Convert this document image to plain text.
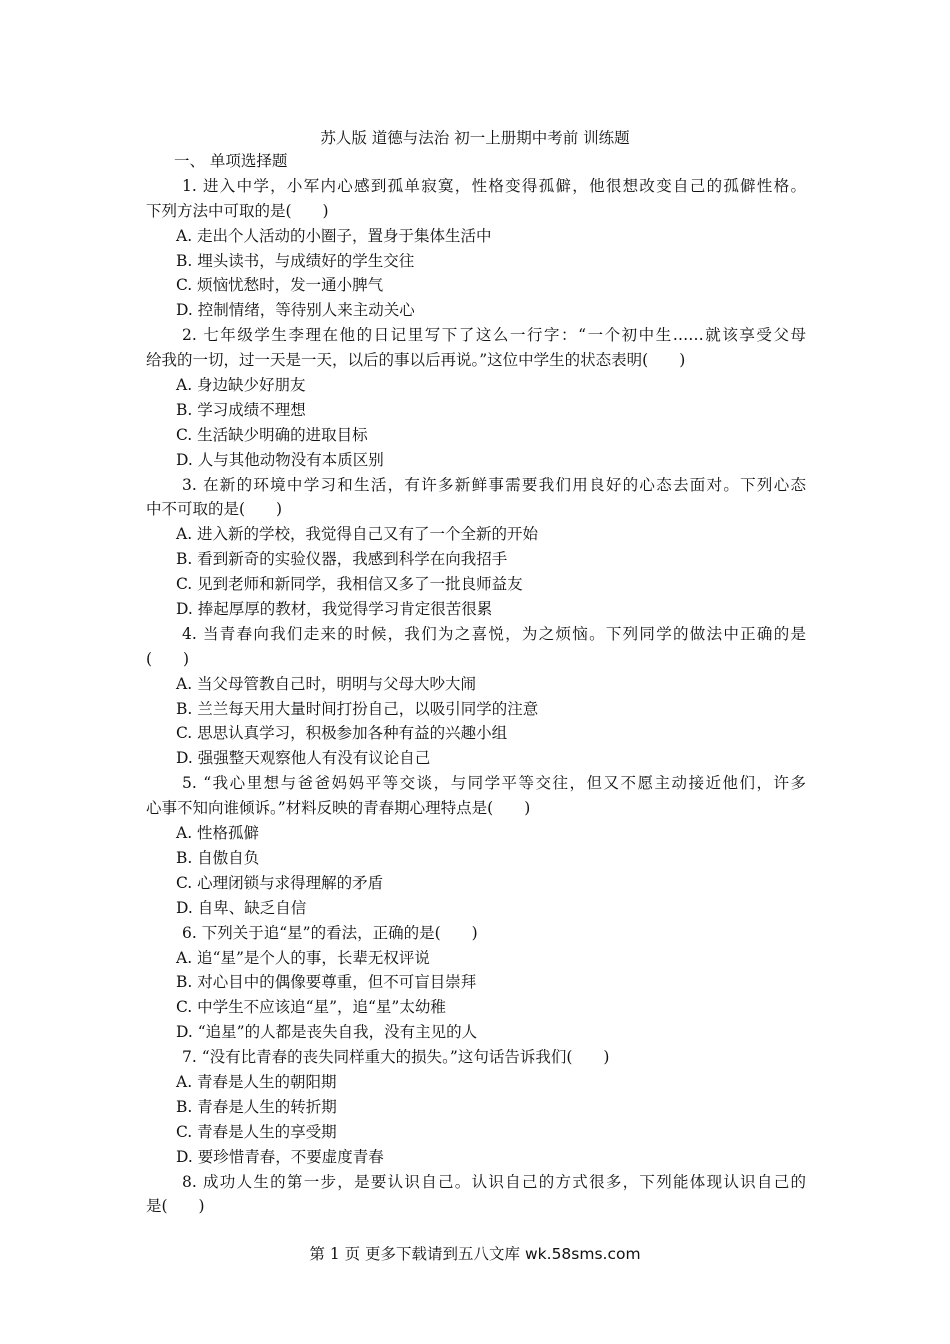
苏人版 道德与法治 初一上册期中考前 训练题
一、 单项选择题
1. 进入中学，小军内心感到孤单寂寞，性格变得孤僻，他很想改变自己的孤僻性格。
下列方法中可取的是(　　)
A. 走出个人活动的小圈子，置身于集体生活中
B. 埋头读书，与成绩好的学生交往
C. 烦恼忧愁时，发一通小脾气
D. 控制情绪，等待别人来主动关心
2. 七年级学生李理在他的日记里写下了这么一行字：“一个初中生……就该享受父母
给我的一切，过一天是一天，以后的事以后再说。”这位中学生的状态表明(　　)
A. 身边缺少好朋友
B. 学习成绩不理想
C. 生活缺少明确的进取目标
D. 人与其他动物没有本质区别
3. 在新的环境中学习和生活，有许多新鲜事需要我们用良好的心态去面对。下列心态
中不可取的是(　　)
A. 进入新的学校，我觉得自己又有了一个全新的开始
B. 看到新奇的实验仪器，我感到科学在向我招手
C. 见到老师和新同学，我相信又多了一批良师益友
D. 捧起厚厚的教材，我觉得学习肯定很苦很累
4. 当青春向我们走来的时候，我们为之喜悦，为之烦恼。下列同学的做法中正确的是
(　　)
A. 当父母管教自己时，明明与父母大吵大闹
B. 兰兰每天用大量时间打扮自己，以吸引同学的注意
C. 思思认真学习，积极参加各种有益的兴趣小组
D. 强强整天观察他人有没有议论自己
5. “我心里想与爸爸妈妈平等交谈，与同学平等交往，但又不愿主动接近他们，许多
心事不知向谁倾诉。”材料反映的青春期心理特点是(　　)
A. 性格孤僻
B. 自傲自负
C. 心理闭锁与求得理解的矛盾
D. 自卑、缺乏自信
6. 下列关于追“星”的看法，正确的是(　　)
A. 追“星”是个人的事，长辈无权评说
B. 对心目中的偶像要尊重，但不可盲目崇拜
C. 中学生不应该追“星”，追“星”太幼稚
D. “追星”的人都是丧失自我，没有主见的人
7. “没有比青春的丧失同样重大的损失。”这句话告诉我们(　　)
A. 青春是人生的朝阳期
B. 青春是人生的转折期
C. 青春是人生的享受期
D. 要珍惜青春，不要虚度青春
8. 成功人生的第一步，是要认识自己。认识自己的方式很多，下列能体现认识自己的
是(　　)
第 1 页 更多下载请到五八文库 wk.58sms.com
